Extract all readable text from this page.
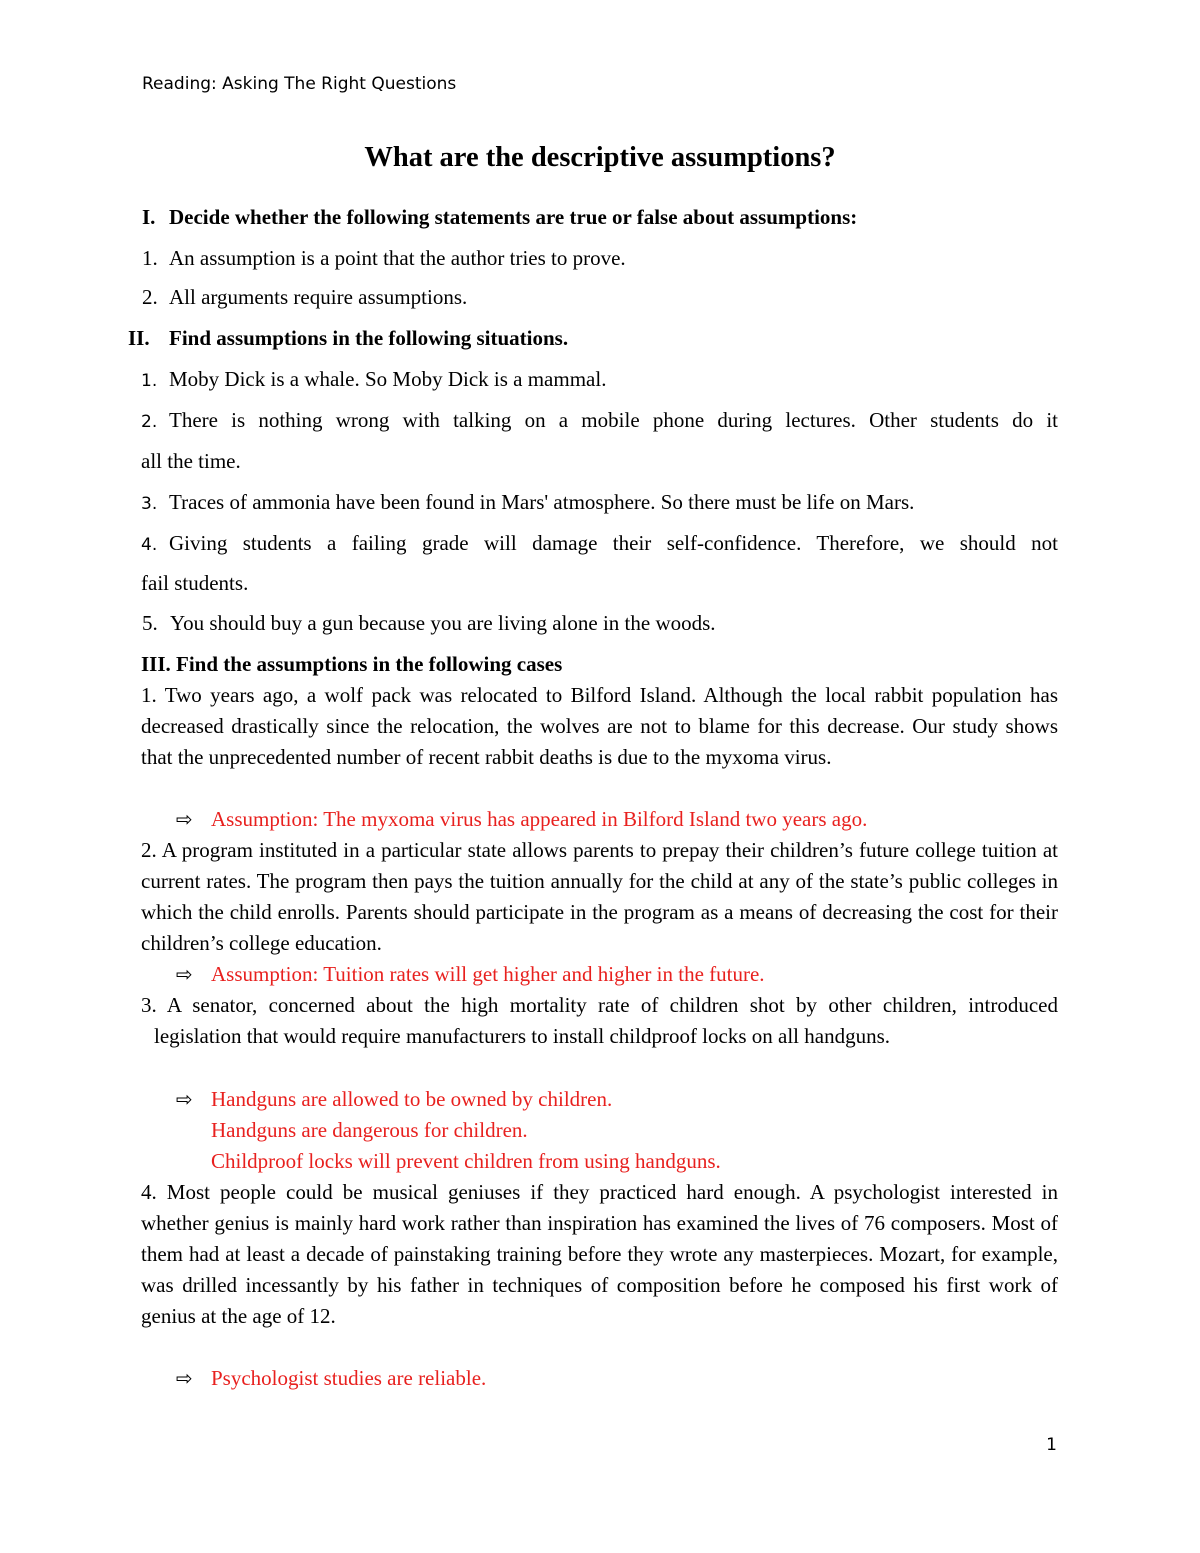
Reading: Asking The Right Questions
What are the descriptive assumptions?
I. Decide whether the following statements are true or false about assumptions:
1. An assumption is a point that the author tries to prove.
2. All arguments require assumptions.
II. Find assumptions in the following situations.
1. Moby Dick is a whale. So Moby Dick is a mammal.
2. There is nothing wrong with talking on a mobile phone during lectures. Other students do it
all the time.
3. Traces of ammonia have been found in Mars' atmosphere. So there must be life on Mars.
4. Giving students a failing grade will damage their self-confidence. Therefore, we should not
fail students.
5. You should buy a gun because you are living alone in the woods.
III. Find the assumptions in the following cases
1. Two years ago, a wolf pack was relocated to Bilford Island. Although the local rabbit population has decreased drastically since the relocation, the wolves are not to blame for this decrease. Our study shows that the unprecedented number of recent rabbit deaths is due to the myxoma virus.
⇨ Assumption: The myxoma virus has appeared in Bilford Island two years ago.
2. A program instituted in a particular state allows parents to prepay their children’s future college tuition at current rates. The program then pays the tuition annually for the child at any of the state’s public colleges in which the child enrolls. Parents should participate in the program as a means of decreasing the cost for their children’s college education.
⇨ Assumption: Tuition rates will get higher and higher in the future.
3. A senator, concerned about the high mortality rate of children shot by other children, introduced legislation that would require manufacturers to install childproof locks on all handguns.
⇨ Handguns are allowed to be owned by children.
Handguns are dangerous for children.
Childproof locks will prevent children from using handguns.
4. Most people could be musical geniuses if they practiced hard enough. A psychologist interested in whether genius is mainly hard work rather than inspiration has examined the lives of 76 composers. Most of them had at least a decade of painstaking training before they wrote any masterpieces. Mozart, for example, was drilled incessantly by his father in techniques of composition before he composed his first work of genius at the age of 12.
⇨ Psychologist studies are reliable.
1
